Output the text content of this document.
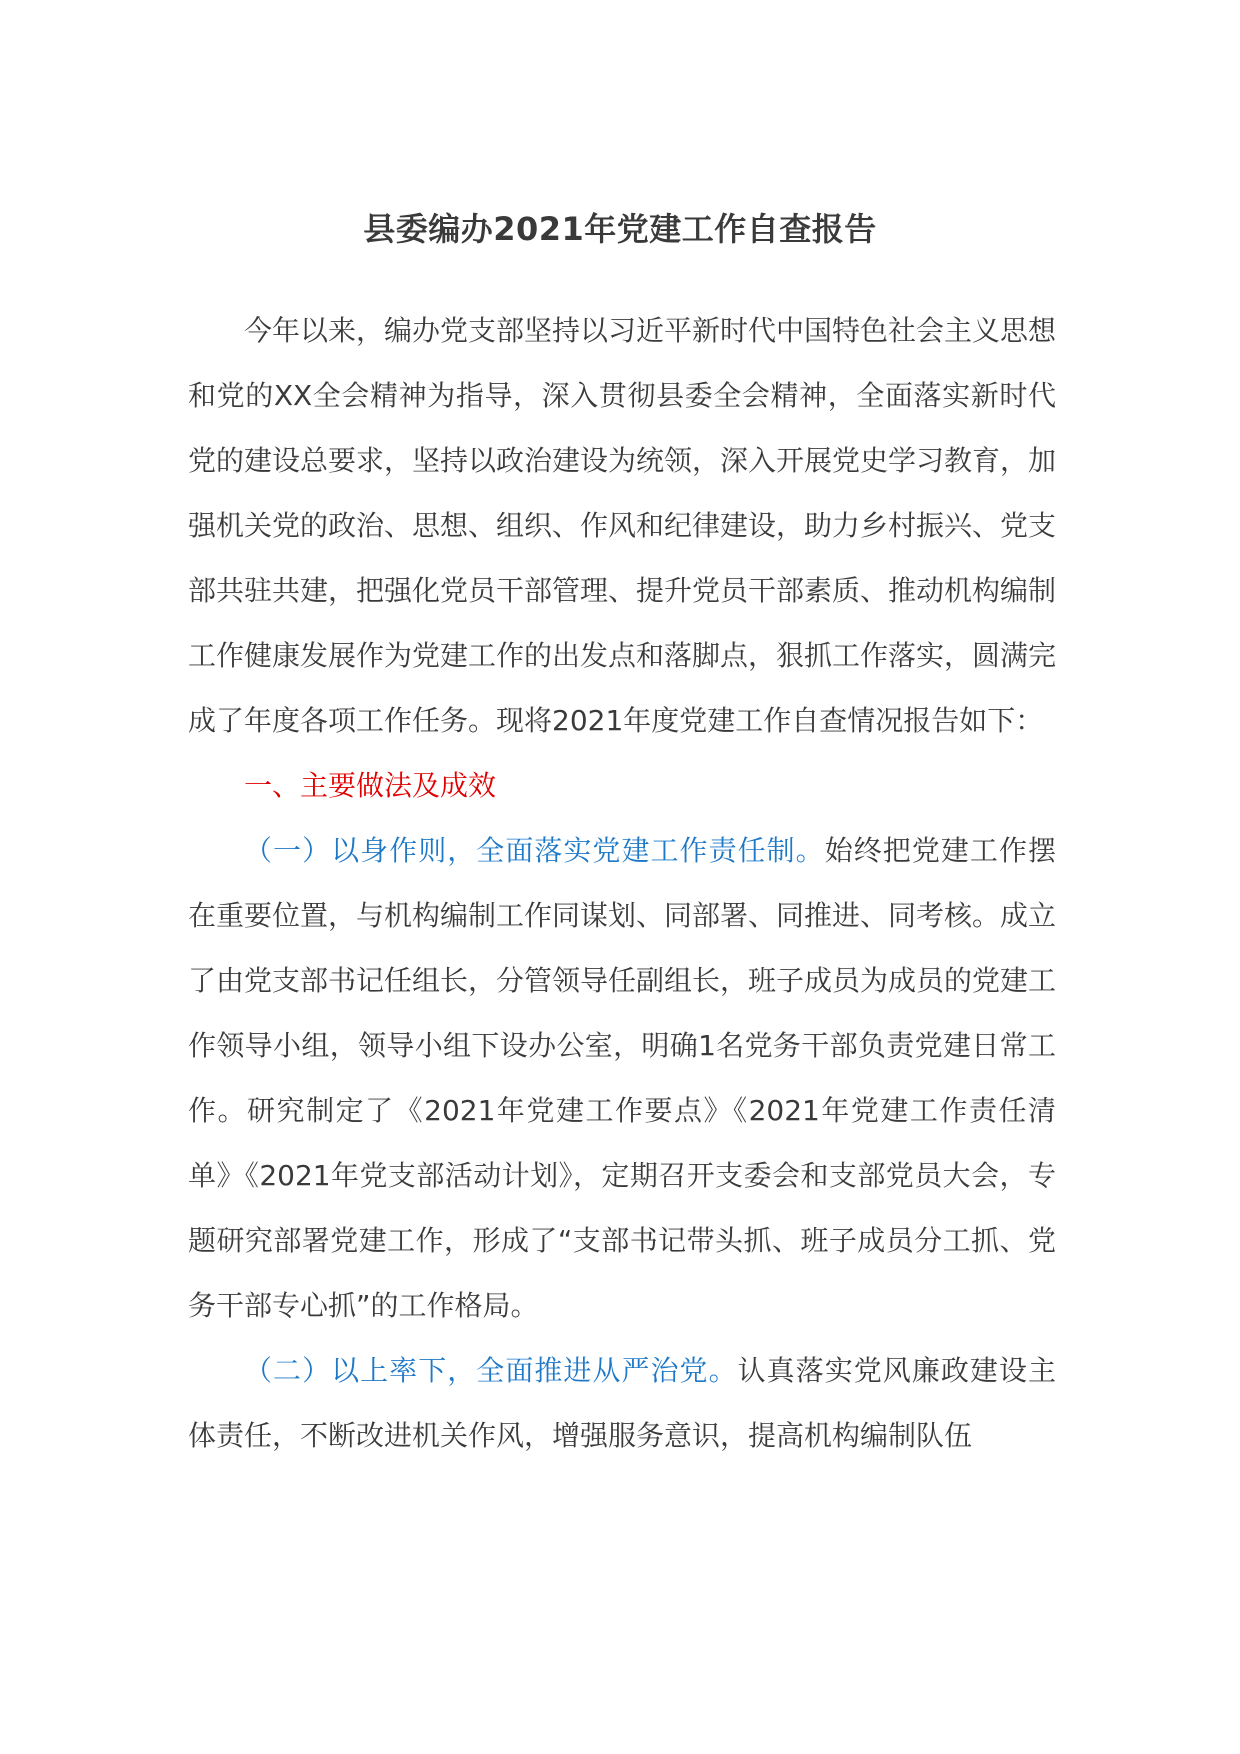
县委编办2021年党建工作自查报告

今年以来，编办党支部坚持以习近平新时代中国特色社会主义思想和党的XX全会精神为指导，深入贯彻县委全会精神，全面落实新时代党的建设总要求，坚持以政治建设为统领，深入开展党史学习教育，加强机关党的政治、思想、组织、作风和纪律建设，助力乡村振兴、党支部共驻共建，把强化党员干部管理、提升党员干部素质、推动机构编制工作健康发展作为党建工作的出发点和落脚点，狠抓工作落实，圆满完成了年度各项工作任务。现将2021年度党建工作自查情况报告如下：

一、主要做法及成效

（一）以身作则，全面落实党建工作责任制。始终把党建工作摆在重要位置，与机构编制工作同谋划、同部署、同推进、同考核。成立了由党支部书记任组长，分管领导任副组长，班子成员为成员的党建工作领导小组，领导小组下设办公室，明确1名党务干部负责党建日常工作。研究制定了《2021年党建工作要点》《2021年党建工作责任清单》《2021年党支部活动计划》，定期召开支委会和支部党员大会，专题研究部署党建工作，形成了“支部书记带头抓、班子成员分工抓、党务干部专心抓”的工作格局。

（二）以上率下，全面推进从严治党。认真落实党风廉政建设主体责任，不断改进机关作风，增强服务意识，提高机构编制队伍
